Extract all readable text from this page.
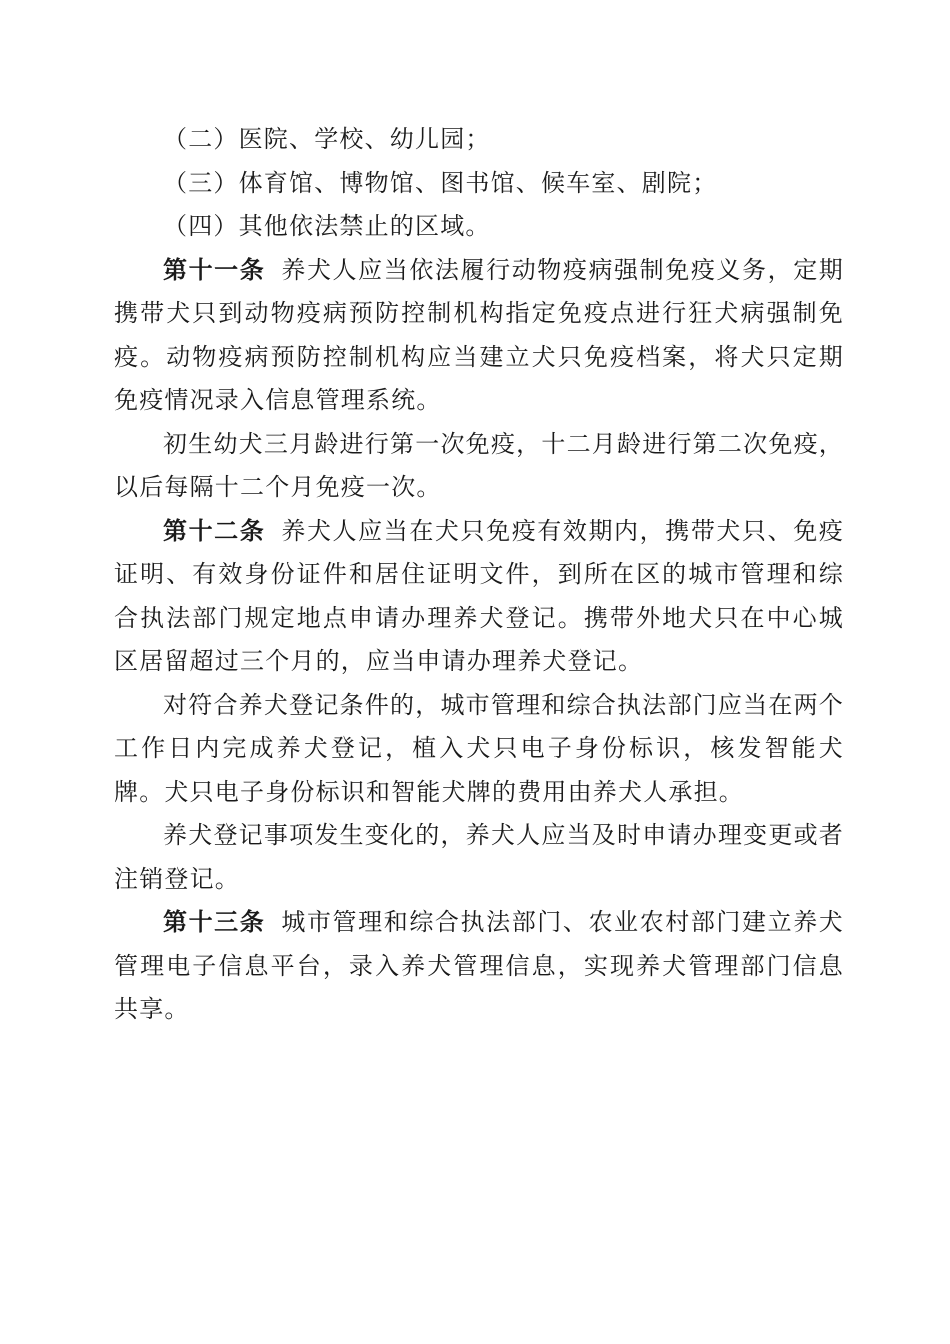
（二）医院、学校、幼儿园；

（三）体育馆、博物馆、图书馆、候车室、剧院；

（四）其他依法禁止的区域。

第十一条 养犬人应当依法履行动物疫病强制免疫义务，定期携带犬只到动物疫病预防控制机构指定免疫点进行狂犬病强制免疫。动物疫病预防控制机构应当建立犬只免疫档案，将犬只定期免疫情况录入信息管理系统。

初生幼犬三月龄进行第一次免疫，十二月龄进行第二次免疫，以后每隔十二个月免疫一次。

第十二条 养犬人应当在犬只免疫有效期内，携带犬只、免疫证明、有效身份证件和居住证明文件，到所在区的城市管理和综合执法部门规定地点申请办理养犬登记。携带外地犬只在中心城区居留超过三个月的，应当申请办理养犬登记。

对符合养犬登记条件的，城市管理和综合执法部门应当在两个工作日内完成养犬登记，植入犬只电子身份标识，核发智能犬牌。犬只电子身份标识和智能犬牌的费用由养犬人承担。

养犬登记事项发生变化的，养犬人应当及时申请办理变更或者注销登记。

第十三条 城市管理和综合执法部门、农业农村部门建立养犬管理电子信息平台，录入养犬管理信息，实现养犬管理部门信息共享。
